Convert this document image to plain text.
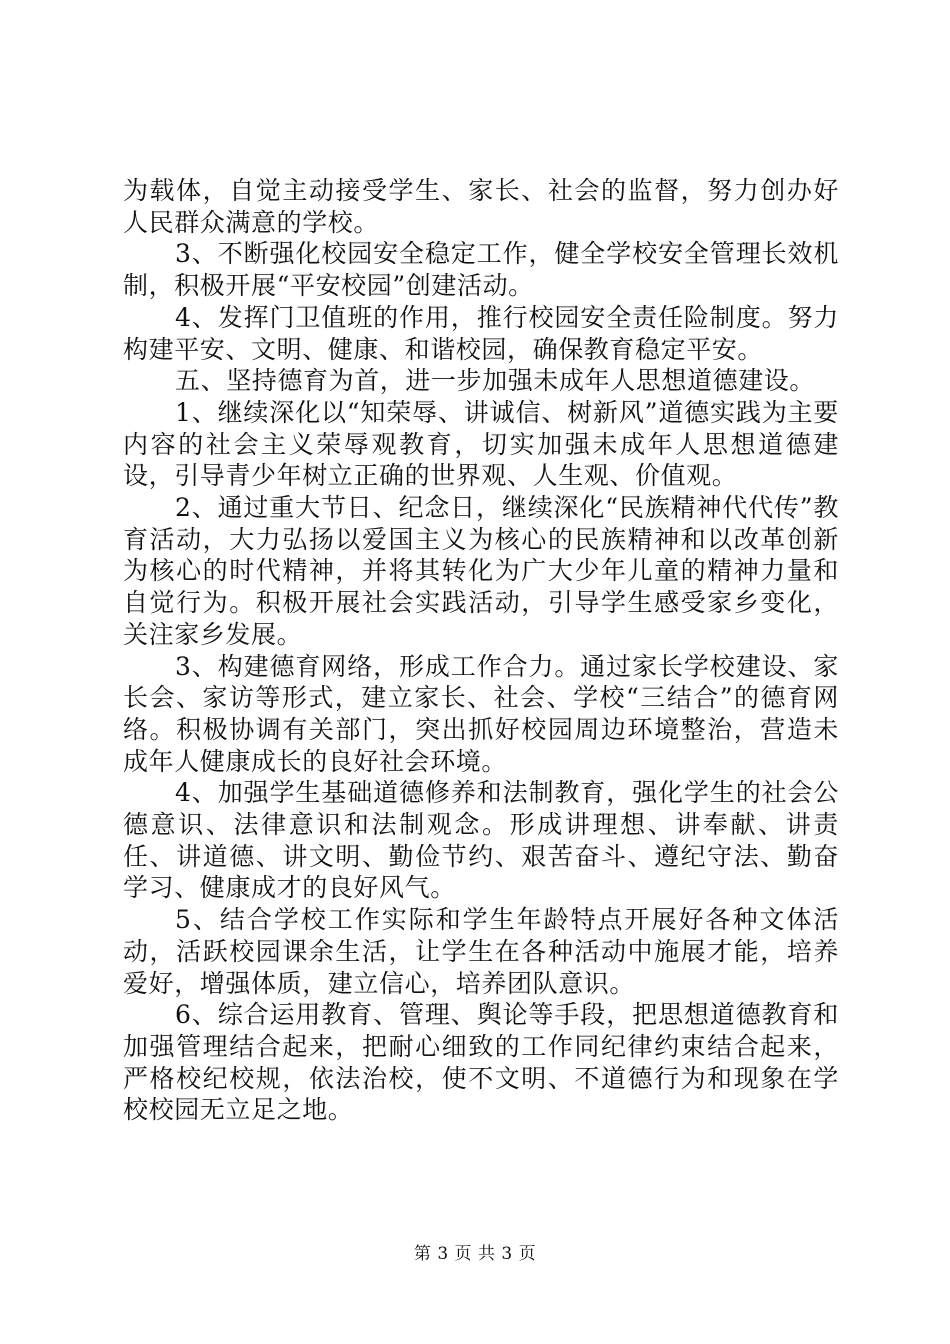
为载体，自觉主动接受学生、家长、社会的监督，努力创办好人民群众满意的学校。

3、不断强化校园安全稳定工作，健全学校安全管理长效机制，积极开展“平安校园”创建活动。

4、发挥门卫值班的作用，推行校园安全责任险制度。努力构建平安、文明、健康、和谐校园，确保教育稳定平安。

五、坚持德育为首，进一步加强未成年人思想道德建设。

1、继续深化以“知荣辱、讲诚信、树新风”道德实践为主要内容的社会主义荣辱观教育，切实加强未成年人思想道德建设，引导青少年树立正确的世界观、人生观、价值观。

2、通过重大节日、纪念日，继续深化“民族精神代代传”教育活动，大力弘扬以爱国主义为核心的民族精神和以改革创新为核心的时代精神，并将其转化为广大少年儿童的精神力量和自觉行为。积极开展社会实践活动，引导学生感受家乡变化，关注家乡发展。

3、构建德育网络，形成工作合力。通过家长学校建设、家长会、家访等形式，建立家长、社会、学校“三结合”的德育网络。积极协调有关部门，突出抓好校园周边环境整治，营造未成年人健康成长的良好社会环境。

4、加强学生基础道德修养和法制教育，强化学生的社会公德意识、法律意识和法制观念。形成讲理想、讲奉献、讲责任、讲道德、讲文明、勤俭节约、艰苦奋斗、遵纪守法、勤奋学习、健康成才的良好风气。

5、结合学校工作实际和学生年龄特点开展好各种文体活动，活跃校园课余生活，让学生在各种活动中施展才能，培养爱好，增强体质，建立信心，培养团队意识。

6、综合运用教育、管理、舆论等手段，把思想道德教育和加强管理结合起来，把耐心细致的工作同纪律约束结合起来，严格校纪校规，依法治校，使不文明、不道德行为和现象在学校校园无立足之地。

第 3 页 共 3 页
